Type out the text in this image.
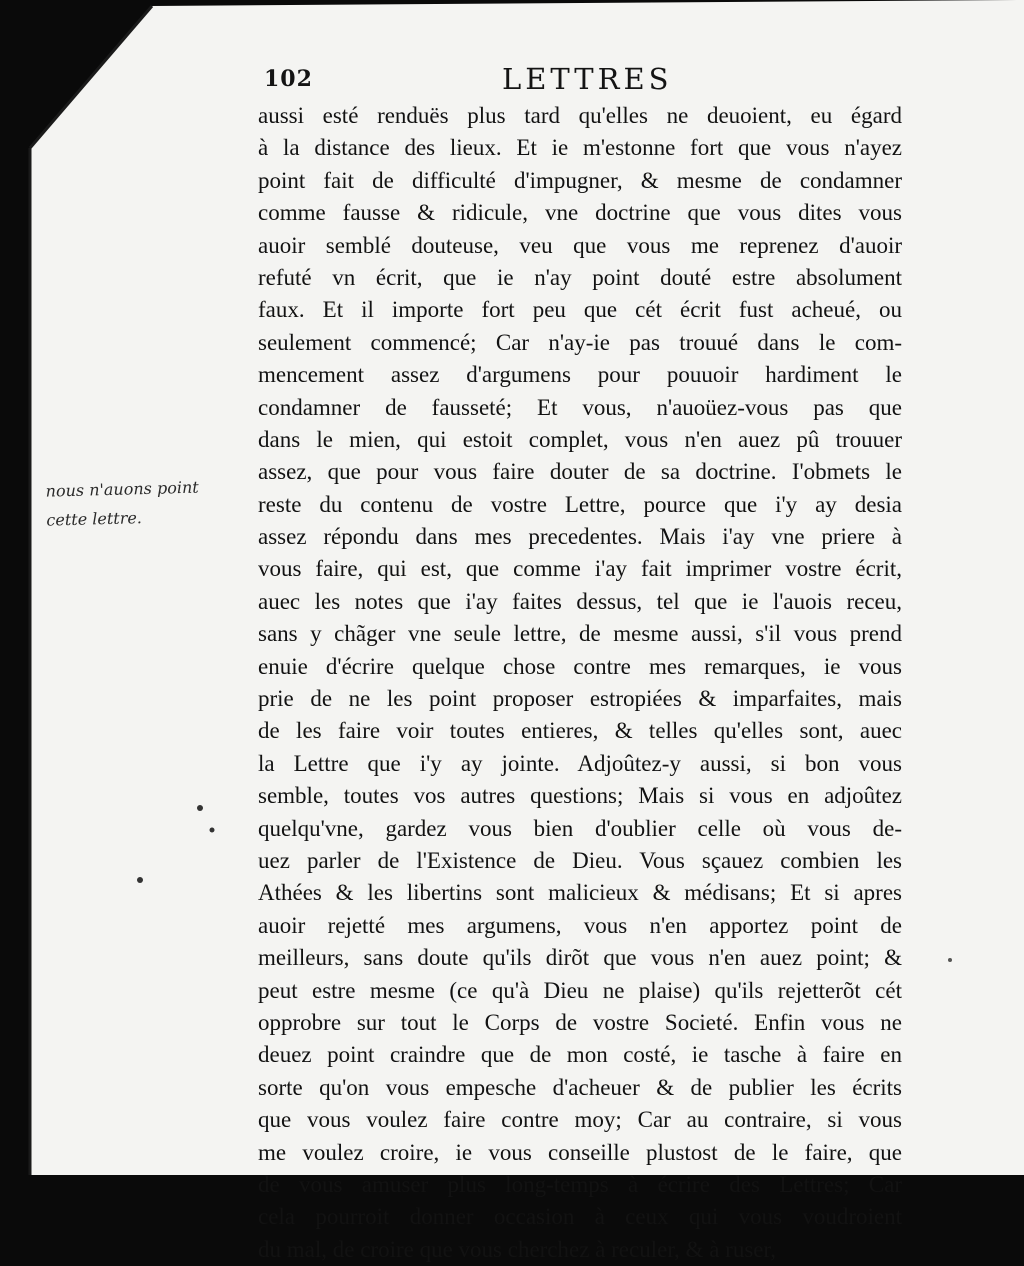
102	LETTRES
aussi esté renduës plus tard qu'elles ne deuoient, eu égard
à la distance des lieux. Et ie m'estonne fort que vous n'ayez
point fait de difficulté d'impugner, & mesme de condamner
comme fausse & ridicule, vne doctrine que vous dites vous
auoir semblé douteuse, veu que vous me reprenez d'auoir
refuté vn écrit, que ie n'ay point douté estre absolument
faux. Et il importe fort peu que cét écrit fust acheué, ou
seulement commencé; Car n'ay-ie pas trouué dans le com-
mencement assez d'argumens pour pouuoir hardiment le
condamner de fausseté; Et vous, n'auoüez-vous pas que
dans le mien, qui estoit complet, vous n'en auez pû trouuer
assez, que pour vous faire douter de sa doctrine. I'obmets le
reste du contenu de vostre Lettre, pource que i'y ay desia
assez répondu dans mes precedentes. Mais i'ay vne priere à
vous faire, qui est, que comme i'ay fait imprimer vostre écrit,
auec les notes que i'ay faites dessus, tel que ie l'auois receu,
sans y chãger vne seule lettre, de mesme aussi, s'il vous prend
enuie d'écrire quelque chose contre mes remarques, ie vous
prie de ne les point proposer estropiées & imparfaites, mais
de les faire voir toutes entieres, & telles qu'elles sont, auec
la Lettre que i'y ay jointe. Adjoûtez-y aussi, si bon vous
semble, toutes vos autres questions; Mais si vous en adjoûtez
quelqu'vne, gardez vous bien d'oublier celle où vous de-
uez parler de l'Existence de Dieu. Vous sçauez combien les
Athées & les libertins sont malicieux & médisans; Et si apres
auoir rejetté mes argumens, vous n'en apportez point de
meilleurs, sans doute qu'ils dirõt que vous n'en auez point; &
peut estre mesme (ce qu'à Dieu ne plaise) qu'ils rejetterõt cét
opprobre sur tout le Corps de vostre Societé. Enfin vous ne
deuez point craindre que de mon costé, ie tasche à faire en
sorte qu'on vous empesche d'acheuer & de publier les écrits
que vous voulez faire contre moy; Car au contraire, si vous
me voulez croire, ie vous conseille plustost de le faire, que
de vous amuser plus long-temps à écrire des Lettres; Car
cela pourroit donner occasion à ceux qui vous voudroient
du mal, de croire que vous cherchez à reculer, & à ruser,
nous n'auons point
cette lettre.
